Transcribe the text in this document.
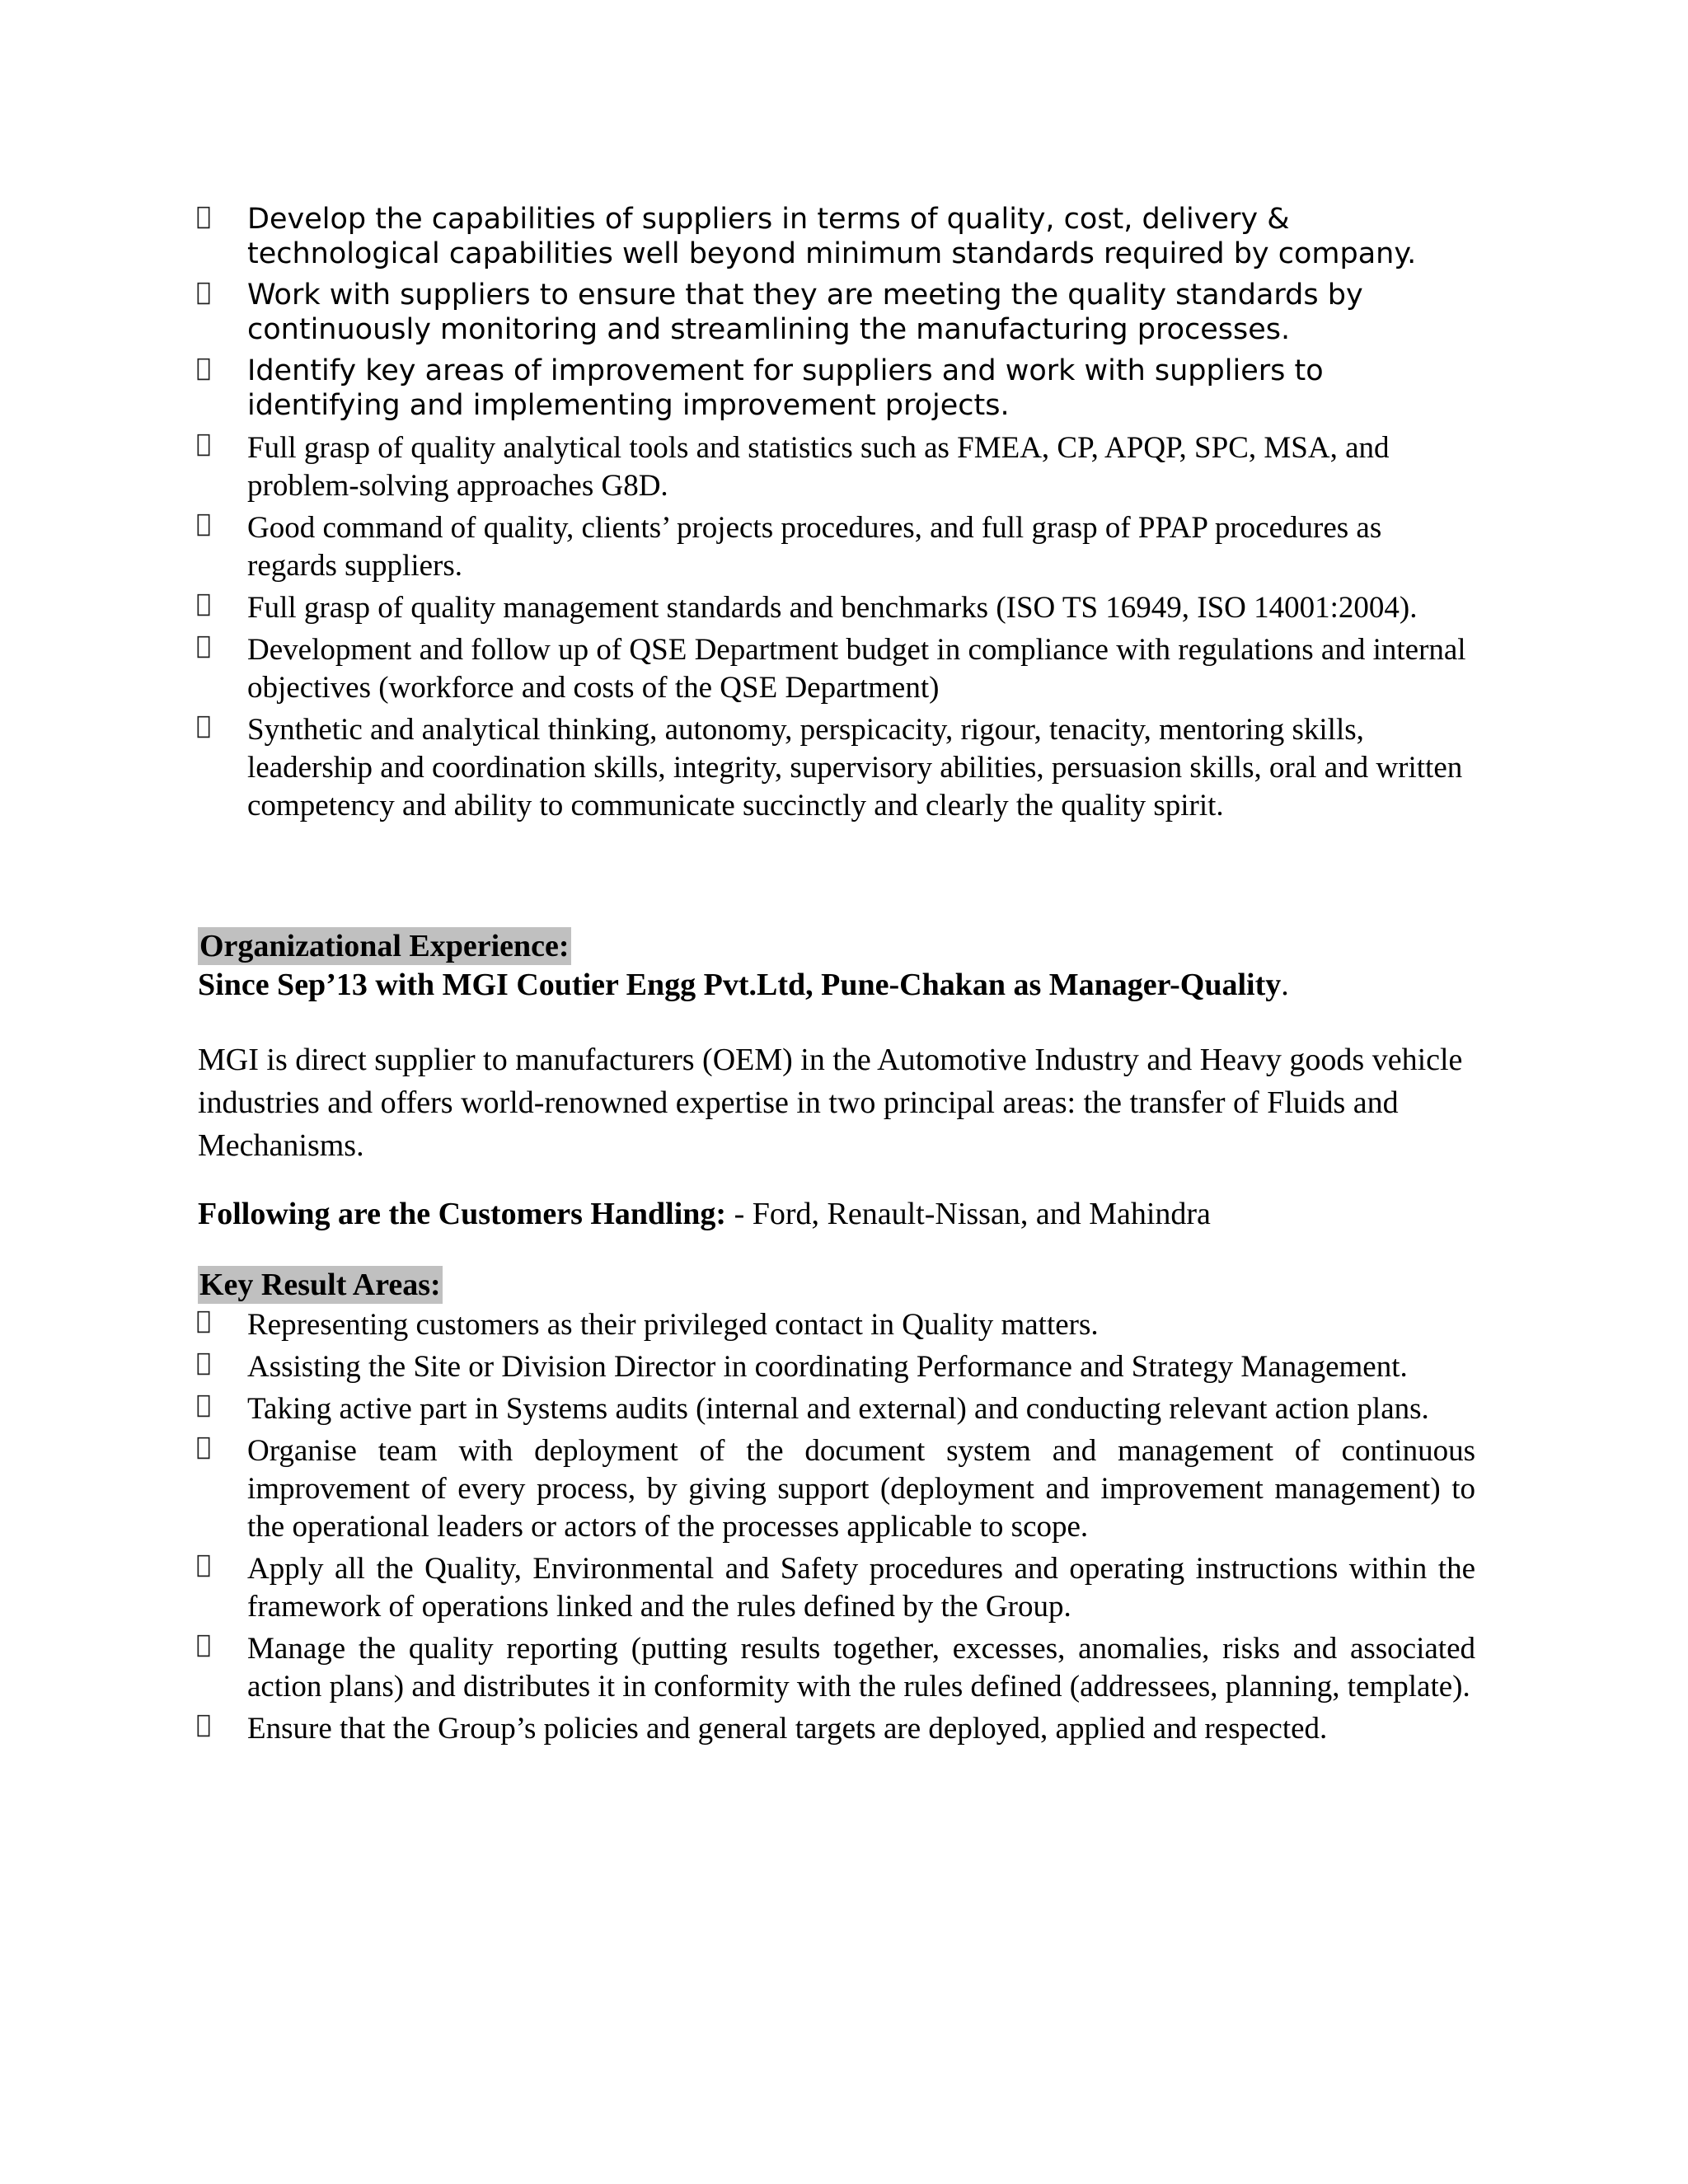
Develop the capabilities of suppliers in terms of quality, cost, delivery & technological capabilities well beyond minimum standards required by company.
Work with suppliers to ensure that they are meeting the quality standards by continuously monitoring and streamlining the manufacturing processes.
Identify key areas of improvement for suppliers and work with suppliers to identifying and implementing improvement projects.
Full grasp of quality analytical tools and statistics such as FMEA, CP, APQP, SPC, MSA, and problem-solving approaches G8D.
Good command of quality, clients’ projects procedures, and full grasp of PPAP procedures as regards suppliers.
Full grasp of quality management standards and benchmarks (ISO TS 16949, ISO 14001:2004).
Development and follow up of QSE Department budget in compliance with regulations and internal objectives (workforce and costs of the QSE Department)
Synthetic and analytical thinking, autonomy, perspicacity, rigour, tenacity, mentoring skills, leadership and coordination skills, integrity, supervisory abilities, persuasion skills, oral and written competency and ability to communicate succinctly and clearly the quality spirit.
Organizational Experience:
Since Sep’13 with MGI Coutier Engg Pvt.Ltd, Pune-Chakan as Manager-Quality.
MGI is direct supplier to manufacturers (OEM) in the Automotive Industry and Heavy goods vehicle industries and offers world-renowned expertise in two principal areas: the transfer of Fluids and Mechanisms.
Following are the Customers Handling: - Ford, Renault-Nissan, and Mahindra
Key Result Areas:
Representing customers as their privileged contact in Quality matters.
Assisting the Site or Division Director in coordinating Performance and Strategy Management.
Taking active part in Systems audits (internal and external) and conducting relevant action plans.
Organise team with deployment of the document system and management of continuous improvement of every process, by giving support (deployment and improvement management) to the operational leaders or actors of the processes applicable to scope.
Apply all the Quality, Environmental and Safety procedures and operating instructions within the framework of operations linked and the rules defined by the Group.
Manage the quality reporting (putting results together, excesses, anomalies, risks and associated action plans) and distributes it in conformity with the rules defined (addressees, planning, template).
Ensure that the Group’s policies and general targets are deployed, applied and respected.
